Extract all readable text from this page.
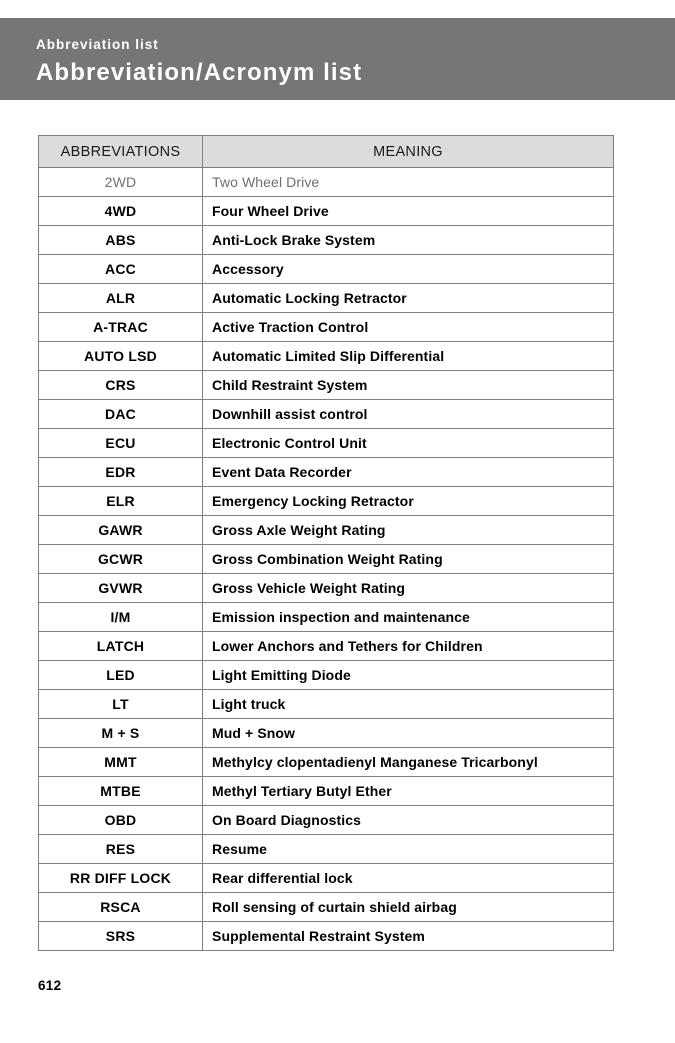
Abbreviation list
Abbreviation/Acronym list
ABBREVIATIONS	MEANING
2WD	Two Wheel Drive
4WD	Four Wheel Drive
ABS	Anti-Lock Brake System
ACC	Accessory
ALR	Automatic Locking Retractor
A-TRAC	Active Traction Control
AUTO LSD	Automatic Limited Slip Differential
CRS	Child Restraint System
DAC	Downhill assist control
ECU	Electronic Control Unit
EDR	Event Data Recorder
ELR	Emergency Locking Retractor
GAWR	Gross Axle Weight Rating
GCWR	Gross Combination Weight Rating
GVWR	Gross Vehicle Weight Rating
I/M	Emission inspection and maintenance
LATCH	Lower Anchors and Tethers for Children
LED	Light Emitting Diode
LT	Light truck
M + S	Mud + Snow
MMT	Methylcy clopentadienyl Manganese Tricarbonyl
MTBE	Methyl Tertiary Butyl Ether
OBD	On Board Diagnostics
RES	Resume
RR DIFF LOCK	Rear differential lock
RSCA	Roll sensing of curtain shield airbag
SRS	Supplemental Restraint System
612
